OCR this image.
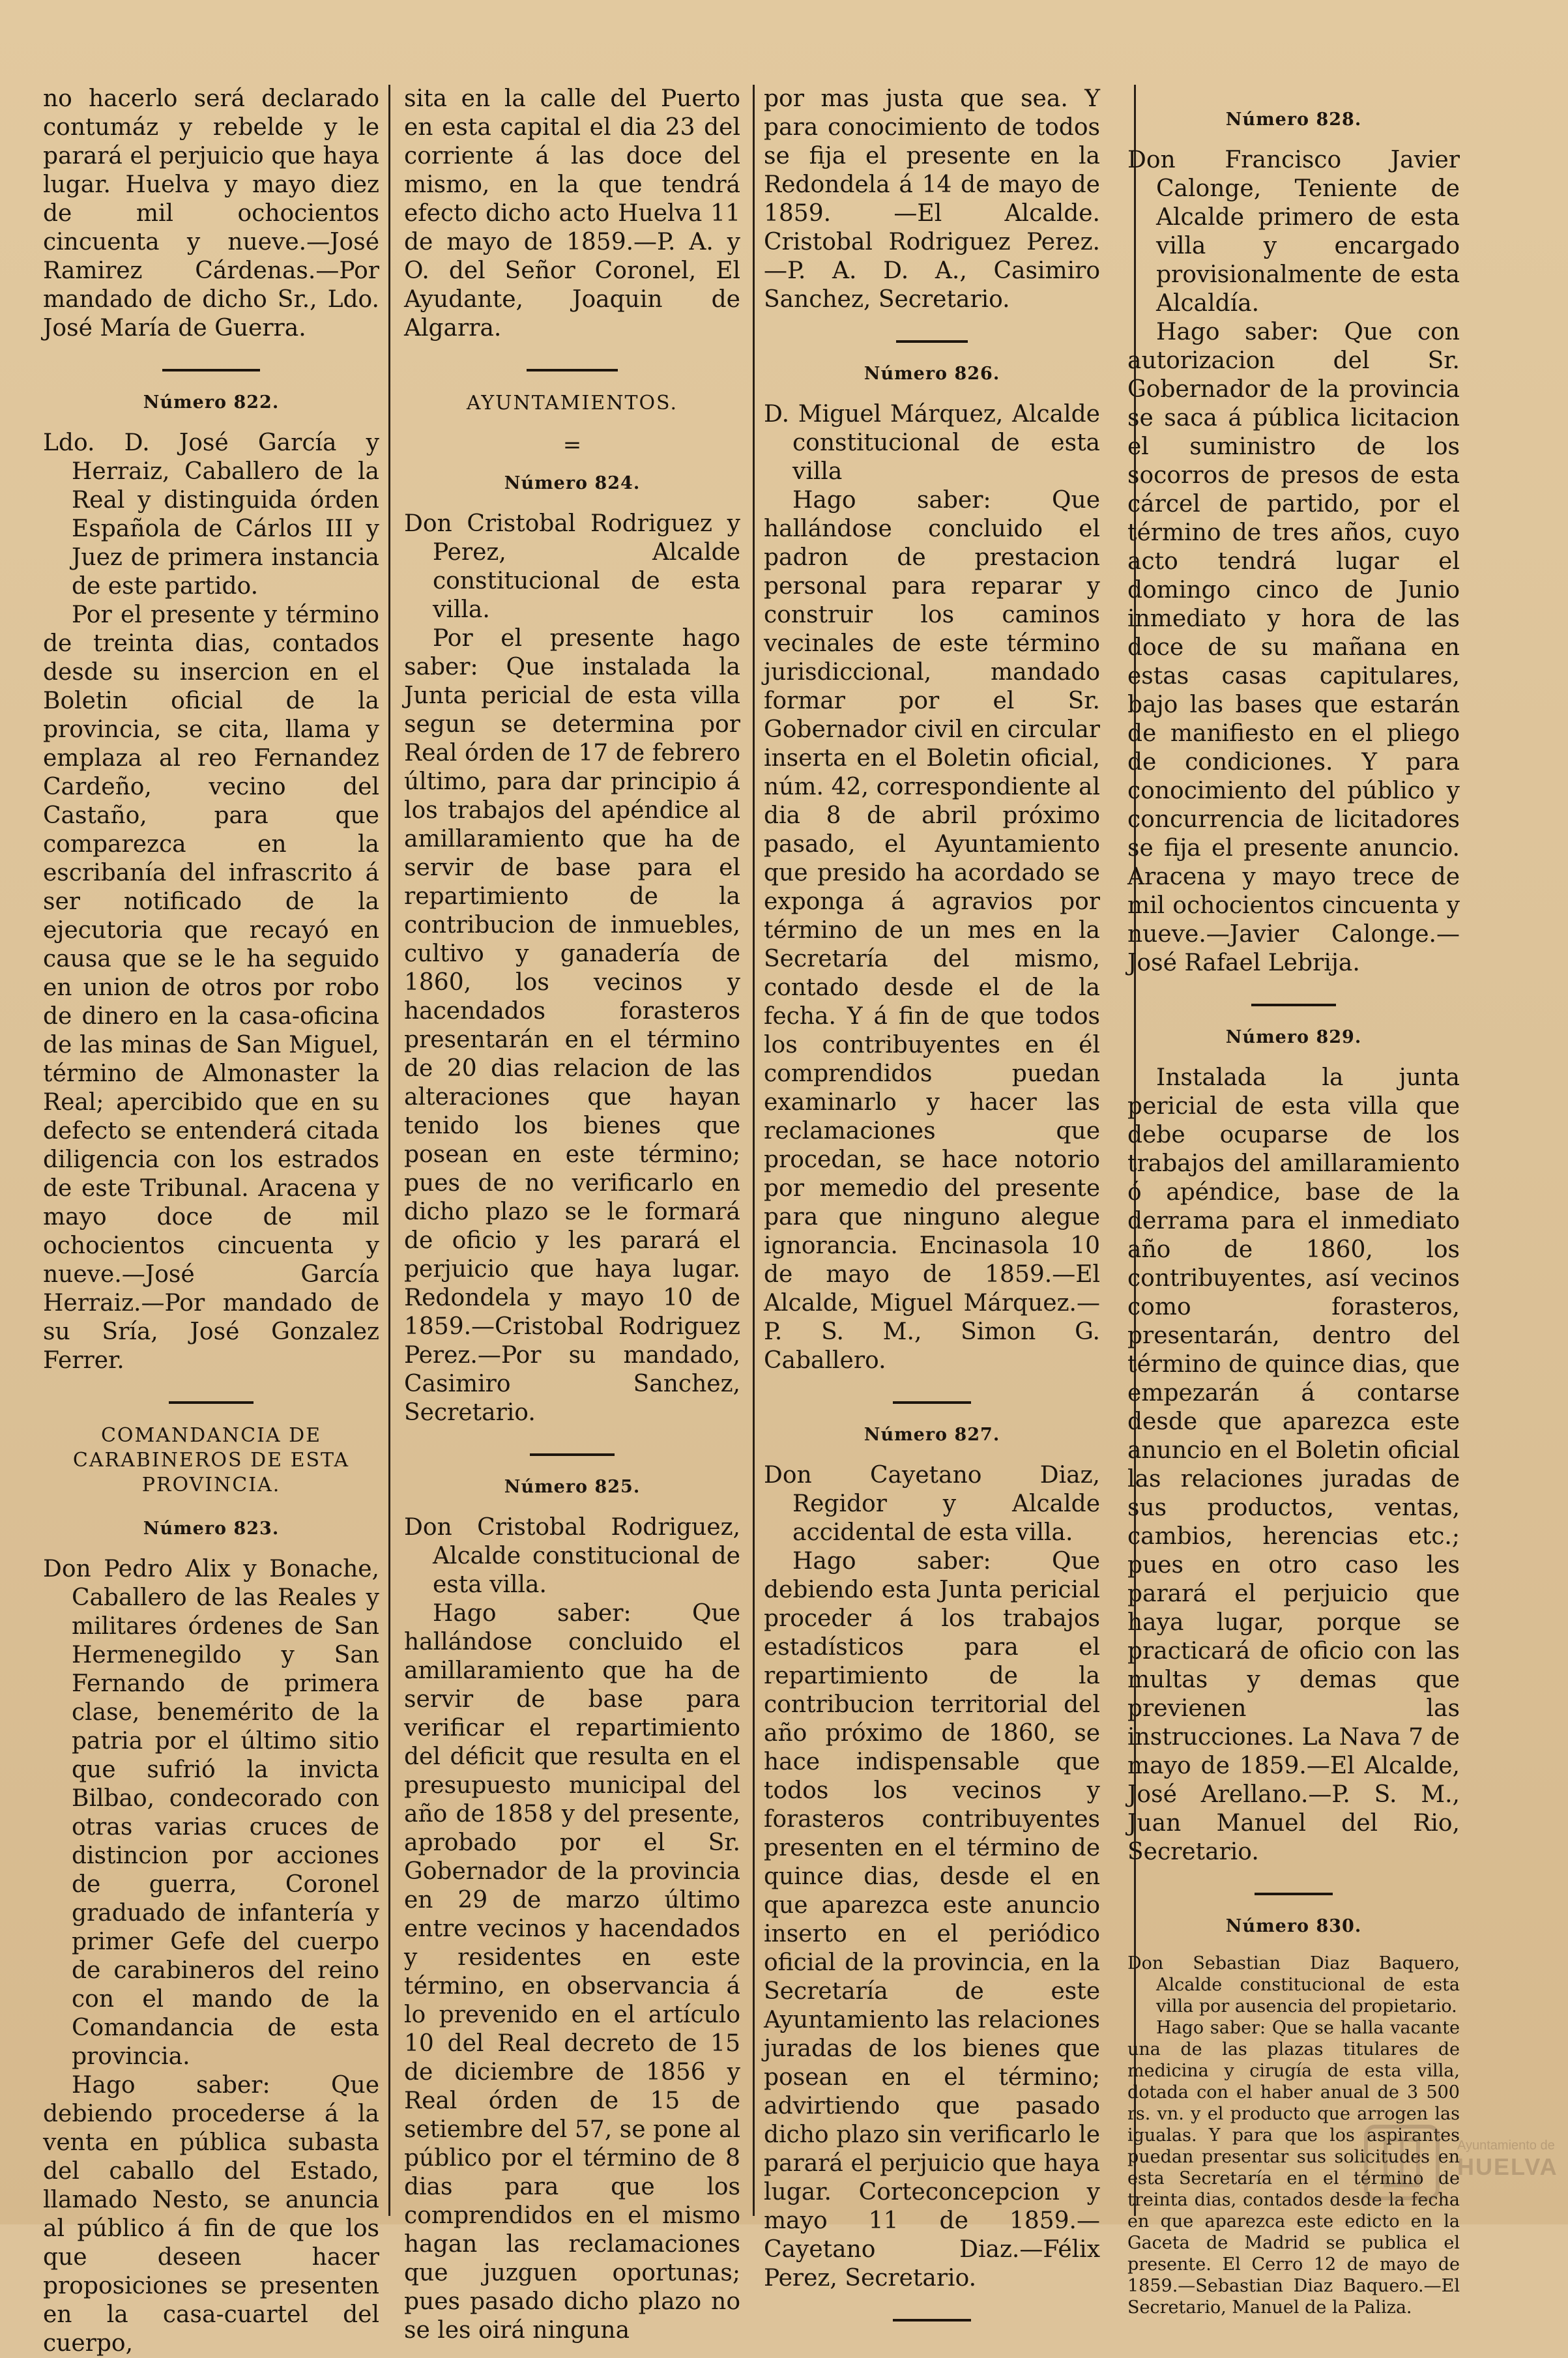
no hacerlo será declarado contumáz y rebelde y le parará el perjuicio que haya lugar. Huelva y mayo diez de mil ochocientos cincuenta y nueve.—José Ramirez Cárdenas.—Por mandado de dicho Sr., Ldo. José María de Guerra.

Número 822.

Ldo. D. José García y Herraiz, Caballero de la Real y distinguida órden Española de Cárlos III y Juez de primera instancia de este partido.

Por el presente y término de treinta dias, contados desde su insercion en el Boletin oficial de la provincia, se cita, llama y emplaza al reo Fernandez Cardeño, vecino del Castaño, para que comparezca en la escribanía del infrascrito á ser notificado de la ejecutoria que recayó en causa que se le ha seguido en union de otros por robo de dinero en la casa-oficina de las minas de San Miguel, término de Almonaster la Real; apercibido que en su defecto se entenderá citada diligencia con los estrados de este Tribunal. Aracena y mayo doce de mil ochocientos cincuenta y nueve.—José García Herraiz.—Por mandado de su Sría, José Gonzalez Ferrer.

COMANDANCIA DE CARABINEROS DE ESTA PROVINCIA.

Número 823.

Don Pedro Alix y Bonache, Caballero de las Reales y militares órdenes de San Hermenegildo y San Fernando de primera clase, benemérito de la patria por el último sitio que sufrió la invicta Bilbao, condecorado con otras varias cruces de distincion por acciones de guerra, Coronel graduado de infantería y primer Gefe del cuerpo de carabineros del reino con el mando de la Comandancia de esta provincia.

Hago saber: Que debiendo procederse á la venta en pública subasta del caballo del Estado, llamado Nesto, se anuncia al público á fin de que los que deseen hacer proposiciones se presenten en la casa-cuartel del cuerpo,

sita en la calle del Puerto en esta capital el dia 23 del corriente á las doce del mismo, en la que tendrá efecto dicho acto Huelva 11 de mayo de 1859.—P. A. y O. del Señor Coronel, El Ayudante, Joaquin de Algarra.

AYUNTAMIENTOS.

=

Número 824.

Don Cristobal Rodriguez y Perez, Alcalde constitucional de esta villa.

Por el presente hago saber: Que instalada la Junta pericial de esta villa segun se determina por Real órden de 17 de febrero último, para dar principio á los trabajos del apéndice al amillaramiento que ha de servir de base para el repartimiento de la contribucion de inmuebles, cultivo y ganadería de 1860, los vecinos y hacendados forasteros presentarán en el término de 20 dias relacion de las alteraciones que hayan tenido los bienes que posean en este término; pues de no verificarlo en dicho plazo se le formará de oficio y les parará el perjuicio que haya lugar. Redondela y mayo 10 de 1859.—Cristobal Rodriguez Perez.—Por su mandado, Casimiro Sanchez, Secretario.

Número 825.

Don Cristobal Rodriguez, Alcalde constitucional de esta villa.

Hago saber: Que hallándose concluido el amillaramiento que ha de servir de base para verificar el repartimiento del déficit que resulta en el presupuesto municipal del año de 1858 y del presente, aprobado por el Sr. Gobernador de la provincia en 29 de marzo último entre vecinos y hacendados y residentes en este término, en observancia á lo prevenido en el artículo 10 del Real decreto de 15 de diciembre de 1856 y Real órden de 15 de setiembre del 57, se pone al público por el término de 8 dias para que los comprendidos en el mismo hagan las reclamaciones que juzguen oportunas; pues pasado dicho plazo no se les oirá ninguna

por mas justa que sea. Y para conocimiento de todos se fija el presente en la Redondela á 14 de mayo de 1859. —El Alcalde. Cristobal Rodriguez Perez.—P. A. D. A., Casimiro Sanchez, Secretario.

Número 826.

D. Miguel Márquez, Alcalde constitucional de esta villa

Hago saber: Que hallándose concluido el padron de prestacion personal para reparar y construir los caminos vecinales de este término jurisdiccional, mandado formar por el Sr. Gobernador civil en circular inserta en el Boletin oficial, núm. 42, correspondiente al dia 8 de abril próximo pasado, el Ayuntamiento que presido ha acordado se exponga á agravios por término de un mes en la Secretaría del mismo, contado desde el de la fecha. Y á fin de que todos los contribuyentes en él comprendidos puedan examinarlo y hacer las reclamaciones que procedan, se hace notorio por memedio del presente para que ninguno alegue ignorancia. Encinasola 10 de mayo de 1859.—El Alcalde, Miguel Márquez.—P. S. M., Simon G. Caballero.

Número 827.

Don Cayetano Diaz, Regidor y Alcalde accidental de esta villa.

Hago saber: Que debiendo esta Junta pericial proceder á los trabajos estadísticos para el repartimiento de la contribucion territorial del año próximo de 1860, se hace indispensable que todos los vecinos y forasteros contribuyentes presenten en el término de quince dias, desde el en que aparezca este anuncio inserto en el periódico oficial de la provincia, en la Secretaría de este Ayuntamiento las relaciones juradas de los bienes que posean en el término; advirtiendo que pasado dicho plazo sin verificarlo le parará el perjuicio que haya lugar. Corteconcepcion y mayo 11 de 1859.—Cayetano Diaz.—Félix Perez, Secretario.

Número 828.

Don Francisco Javier Calonge, Teniente de Alcalde primero de esta villa y encargado provisionalmente de esta Alcaldía.

Hago saber: Que con autorizacion del Sr. Gobernador de la provincia se saca á pública licitacion el suministro de los socorros de presos de esta cárcel de partido, por el término de tres años, cuyo acto tendrá lugar el domingo cinco de Junio inmediato y hora de las doce de su mañana en estas casas capitulares, bajo las bases que estarán de manifiesto en el pliego de condiciones. Y para conocimiento del público y concurrencia de licitadores se fija el presente anuncio. Aracena y mayo trece de mil ochocientos cincuenta y nueve.—Javier Calonge.—José Rafael Lebrija.

Número 829.

Instalada la junta pericial de esta villa que debe ocuparse de los trabajos del amillaramiento ó apéndice, base de la derrama para el inmediato año de 1860, los contribuyentes, así vecinos como forasteros, presentarán, dentro del término de quince dias, que empezarán á contarse desde que aparezca este anuncio en el Boletin oficial las relaciones juradas de sus productos, ventas, cambios, herencias etc.; pues en otro caso les parará el perjuicio que haya lugar, porque se practicará de oficio con las multas y demas que previenen las instrucciones. La Nava 7 de mayo de 1859.—El Alcalde, José Arellano.—P. S. M., Juan Manuel del Rio, Secretario.

Número 830.

Don Sebastian Diaz Baquero, Alcalde constitucional de esta villa por ausencia del propietario.

Hago saber: Que se halla vacante una de las plazas titulares de medicina y cirugía de esta villa, dotada con el haber anual de 3 500 rs. vn. y el producto que arrogen las igualas. Y para que los aspirantes puedan presentar sus solicitudes en esta Secretaría en el término de treinta dias, contados desde la fecha en que aparezca este edicto en la Gaceta de Madrid se publica el presente. El Cerro 12 de mayo de 1859.—Sebastian Diaz Baquero.—El Secretario, Manuel de la Paliza.

Ayuntamiento de
HUELVA
